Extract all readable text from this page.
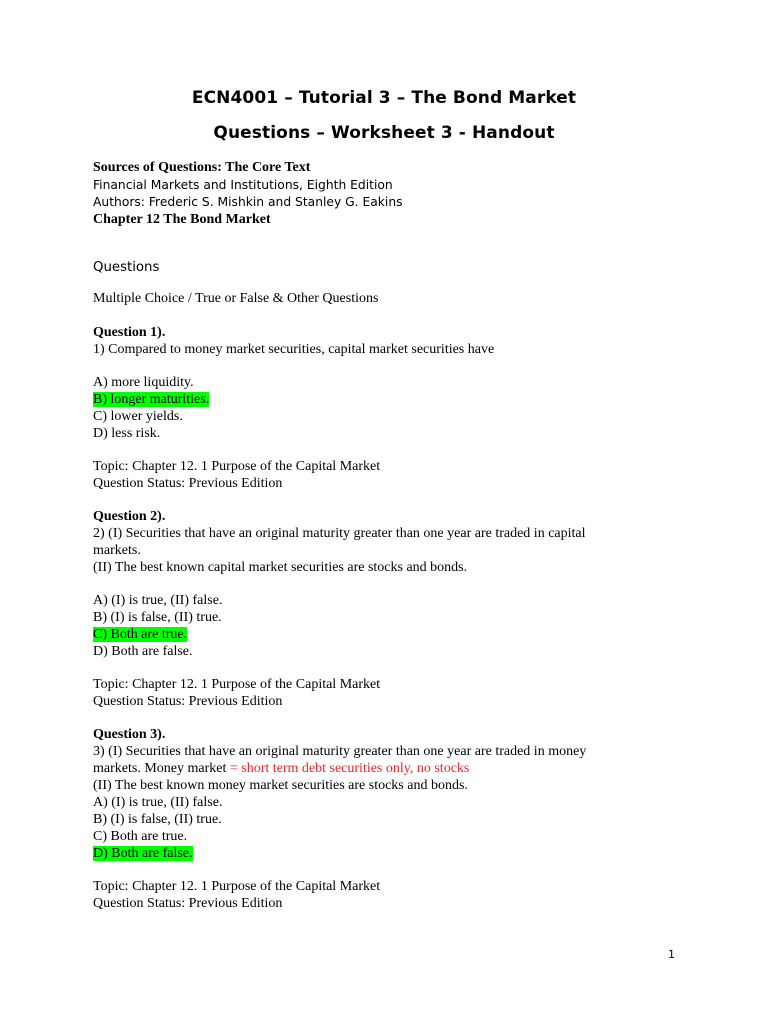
ECN4001 – Tutorial 3 – The Bond Market
Questions – Worksheet 3 - Handout
Sources of Questions: The Core Text
Financial Markets and Institutions, Eighth Edition
Authors: Frederic S. Mishkin and Stanley G. Eakins
Chapter 12 The Bond Market
Questions
Multiple Choice / True or False & Other Questions
Question 1).
1) Compared to money market securities, capital market securities have
A) more liquidity.
B) longer maturities.
C) lower yields.
D) less risk.
Topic: Chapter 12. 1 Purpose of the Capital Market
Question Status: Previous Edition
Question 2).
2) (I) Securities that have an original maturity greater than one year are traded in capital
markets.
(II) The best known capital market securities are stocks and bonds.
A) (I) is true, (II) false.
B) (I) is false, (II) true.
C) Both are true.
D) Both are false.
Topic: Chapter 12. 1 Purpose of the Capital Market
Question Status: Previous Edition
Question 3).
3) (I) Securities that have an original maturity greater than one year are traded in money
markets. Money market = short term debt securities only, no stocks
(II) The best known money market securities are stocks and bonds.
A) (I) is true, (II) false.
B) (I) is false, (II) true.
C) Both are true.
D) Both are false.
Topic: Chapter 12. 1 Purpose of the Capital Market
Question Status: Previous Edition
1
